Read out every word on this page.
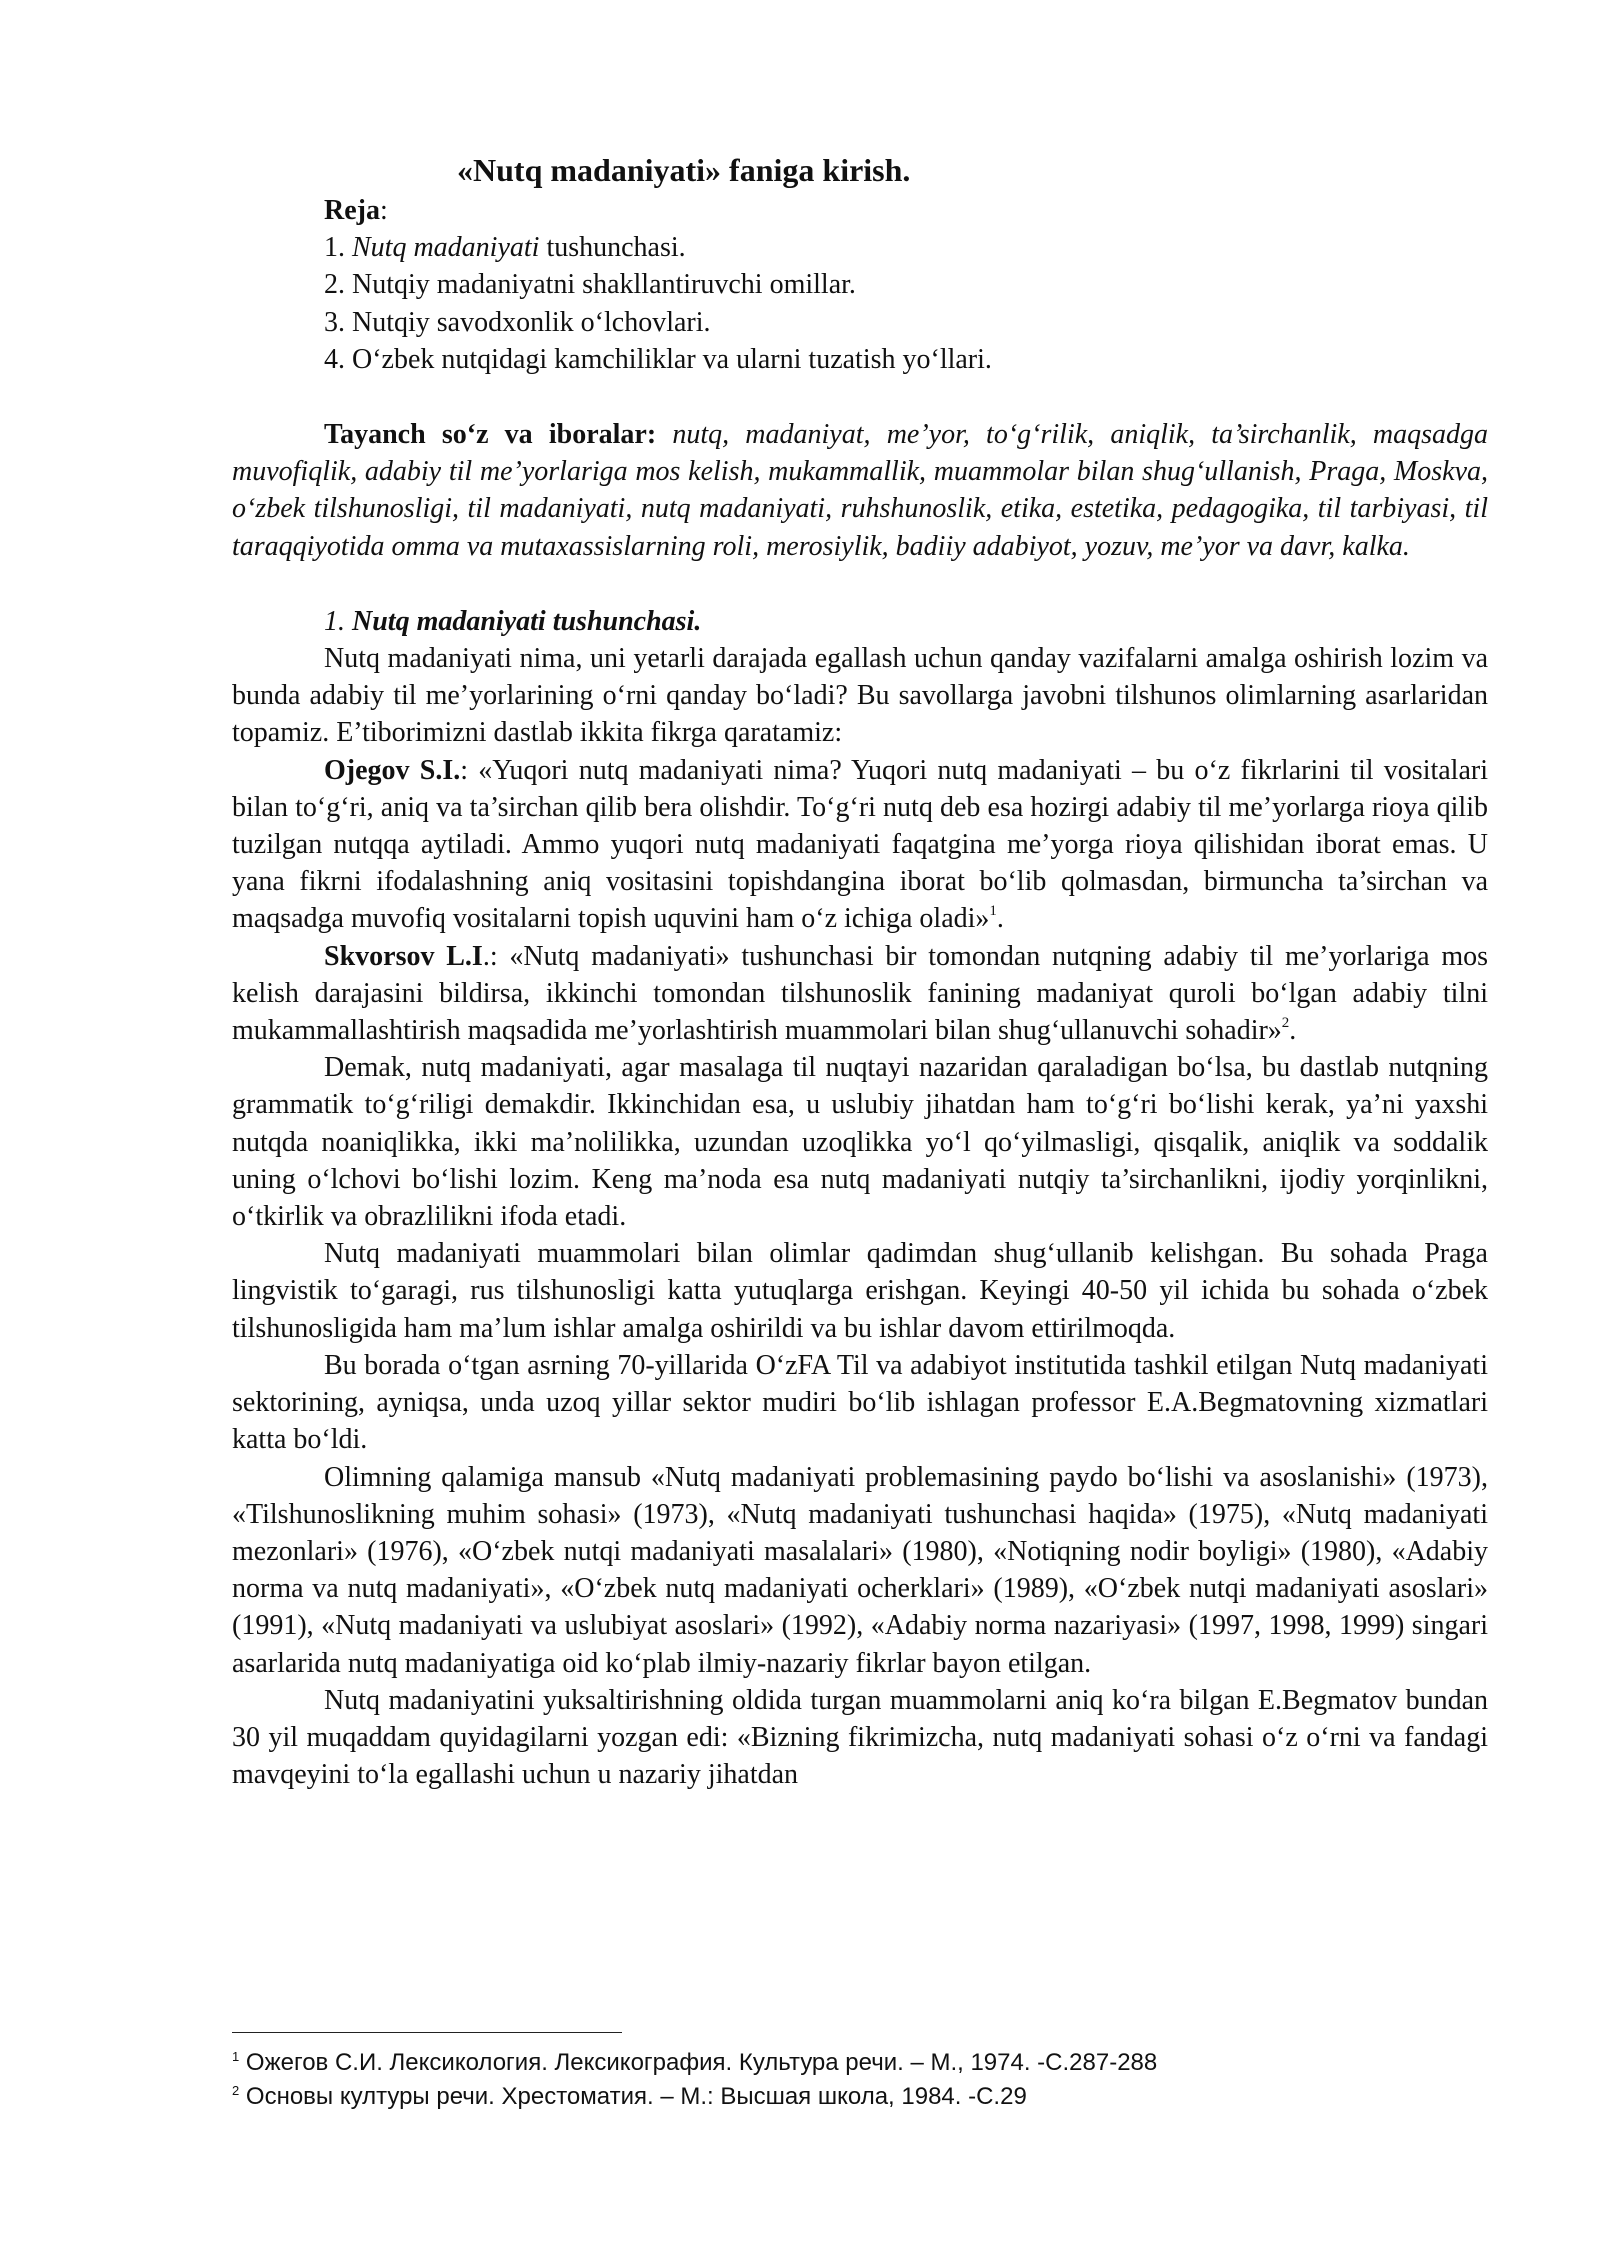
«Nutq madaniyati» faniga kirish.
Reja:
1. Nutq madaniyati tushunchasi.
2. Nutqiy madaniyatni shakllantiruvchi omillar.
3. Nutqiy savodxonlik o‘lchovlari.
4. O‘zbek nutqidagi kamchiliklar va ularni tuzatish yo‘llari.

Tayanch so‘z va iboralar: nutq, madaniyat, me’yor, to‘g‘rilik, aniqlik, ta’sirchanlik, maqsadga muvofiqlik, adabiy til me’yorlariga mos kelish, mukammallik, muammolar bilan shug‘ullanish, Praga, Moskva, o‘zbek tilshunosligi, til madaniyati, nutq madaniyati, ruhshunoslik, etika, estetika, pedagogika, til tarbiyasi, til taraqqiyotida omma va mutaxassislarning roli, merosiylik, badiiy adabiyot, yozuv, me’yor va davr, kalka.

1. Nutq madaniyati tushunchasi.

Nutq madaniyati nima, uni yetarli darajada egallash uchun qanday vazifalarni amalga oshirish lozim va bunda adabiy til me’yorlarining o‘rni qanday bo‘ladi? Bu savollarga javobni tilshunos olimlarning asarlaridan topamiz. E’tiborimizni dastlab ikkita fikrga qaratamiz:

Ojegov S.I.: «Yuqori nutq madaniyati nima? Yuqori nutq madaniyati – bu o‘z fikrlarini til vositalari bilan to‘g‘ri, aniq va ta’sirchan qilib bera olishdir. To‘g‘ri nutq deb esa hozirgi adabiy til me’yorlarga rioya qilib tuzilgan nutqqa aytiladi. Ammo yuqori nutq madaniyati faqatgina me’yorga rioya qilishidan iborat emas. U yana fikrni ifodalashning aniq vositasini topishdangina iborat bo‘lib qolmasdan, birmuncha ta’sirchan va maqsadga muvofiq vositalarni topish uquvini ham o‘z ichiga oladi»$^1$.

Skvorsov L.I.: «Nutq madaniyati» tushunchasi bir tomondan nutqning adabiy til me’yorlariga mos kelish darajasini bildirsa, ikkinchi tomondan tilshunoslik fanining madaniyat quroli bo‘lgan adabiy tilni mukammallashtirish maqsadida me’yorlashtirish muammolari bilan shug‘ullanuvchi sohadir»$^2$.

Demak, nutq madaniyati, agar masalaga til nuqtayi nazaridan qaraladigan bo‘lsa, bu dastlab nutqning grammatik to‘g‘riligi demakdir. Ikkinchidan esa, u uslubiy jihatdan ham to‘g‘ri bo‘lishi kerak, ya’ni yaxshi nutqda noaniqlikka, ikki ma’nolilikka, uzundan uzoqlikka yo‘l qo‘yilmasligi, qisqalik, aniqlik va soddalik uning o‘lchovi bo‘lishi lozim. Keng ma’noda esa nutq madaniyati nutqiy ta’sirchanlikni, ijodiy yorqinlikni, o‘tkirlik va obrazlilikni ifoda etadi.

Nutq madaniyati muammolari bilan olimlar qadimdan shug‘ullanib kelishgan. Bu sohada Praga lingvistik to‘garagi, rus tilshunosligi katta yutuqlarga erishgan. Keyingi 40-50 yil ichida bu sohada o‘zbek tilshunosligida ham ma’lum ishlar amalga oshirildi va bu ishlar davom ettirilmoqda.

Bu borada o‘tgan asrning 70-yillarida O‘zFA Til va adabiyot institutida tashkil etilgan Nutq madaniyati sektorining, ayniqsa, unda uzoq yillar sektor mudiri bo‘lib ishlagan professor E.A.Begmatovning xizmatlari katta bo‘ldi.

Olimning qalamiga mansub «Nutq madaniyati problemasining paydo bo‘lishi va asoslanishi» (1973), «Tilshunoslikning muhim sohasi» (1973), «Nutq madaniyati tushunchasi haqida» (1975), «Nutq madaniyati mezonlari» (1976), «O‘zbek nutqi madaniyati masalalari» (1980), «Notiqning nodir boyligi» (1980), «Adabiy norma va nutq madaniyati», «O‘zbek nutq madaniyati ocherklari» (1989), «O‘zbek nutqi madaniyati asoslari» (1991), «Nutq madaniyati va uslubiyat asoslari» (1992), «Adabiy norma nazariyasi» (1997, 1998, 1999) singari asarlarida nutq madaniyatiga oid ko‘plab ilmiy-nazariy fikrlar bayon etilgan.

Nutq madaniyatini yuksaltirishning oldida turgan muammolarni aniq ko‘ra bilgan E.Begmatov bundan 30 yil muqaddam quyidagilarni yozgan edi: «Bizning fikrimizcha, nutq madaniyati sohasi o‘z o‘rni va fandagi mavqeyini to‘la egallashi uchun u nazariy jihatdan

$^1$ Ожегов С.И. Лексикология. Лексикография. Культура речи. – М., 1974. -С.287-288
$^2$ Основы културы речи. Хрестоматия. – М.: Высшая школа, 1984. -С.29
